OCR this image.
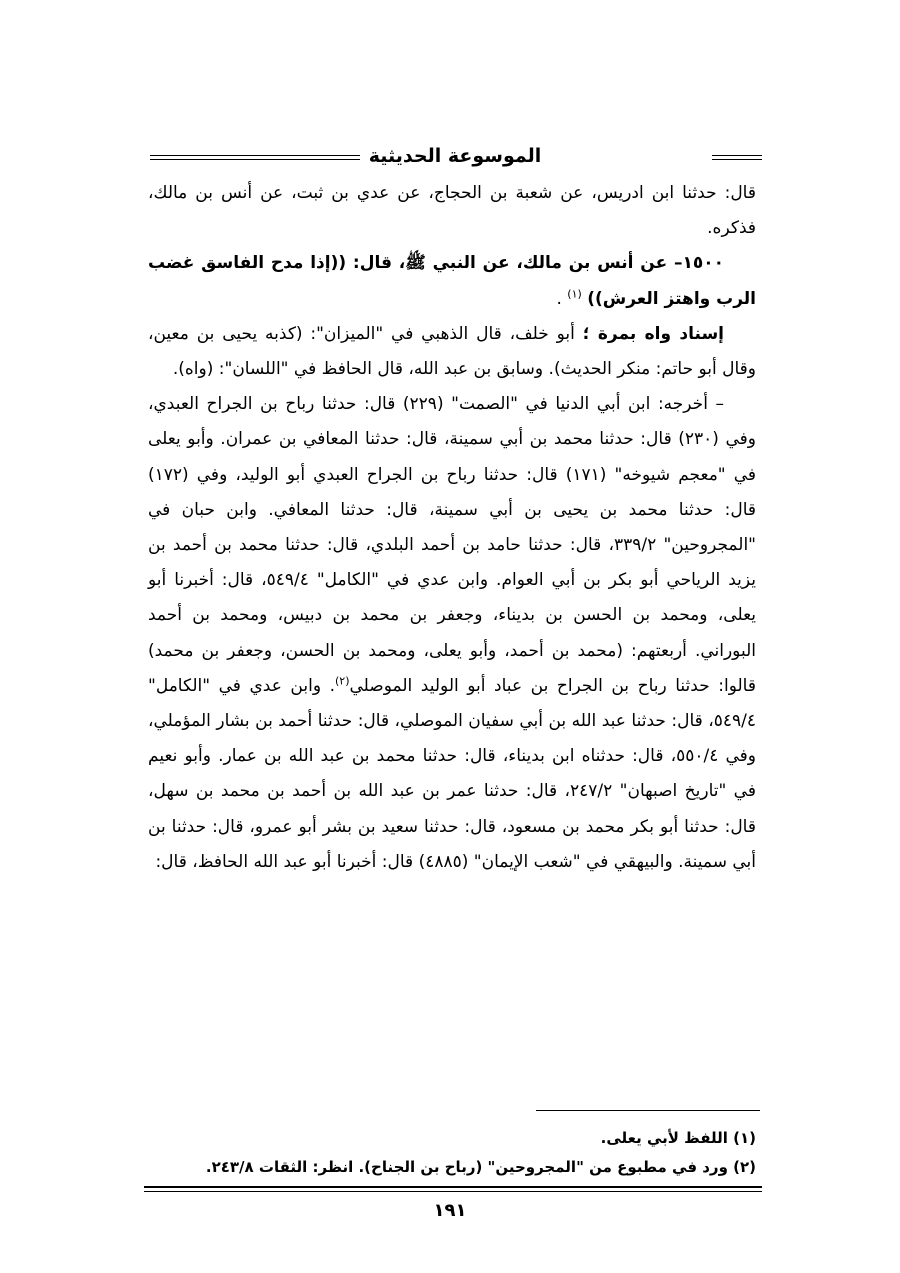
الموسوعة الحديثية

قال: حدثنا ابن ادريس، عن شعبة بن الحجاج، عن عدي بن ثبت، عن أنس بن مالك، فذكره.

١٥٠٠– عن أنس بن مالك، عن النبي ﷺ، قال: ((إذا مدح الفاسق غضب الرب واهتز العرش)) $^{(١)}$ .

إسناد واه بمرة ؛ أبو خلف، قال الذهبي في "الميزان": (كذبه يحيى بن معين، وقال أبو حاتم: منكر الحديث). وسابق بن عبد الله، قال الحافظ في "اللسان": (واه).

– أخرجه: ابن أبي الدنيا في "الصمت" (٢٢٩) قال: حدثنا رباح بن الجراح العبدي، وفي (٢٣٠) قال: حدثنا محمد بن أبي سمينة، قال: حدثنا المعافي بن عمران. وأبو يعلى في "معجم شيوخه" (١٧١) قال: حدثنا رباح بن الجراح العبدي أبو الوليد، وفي (١٧٢) قال: حدثنا محمد بن يحيى بن أبي سمينة، قال: حدثنا المعافي. وابن حبان في "المجروحين" ٣٣٩/٢، قال: حدثنا حامد بن أحمد البلدي، قال: حدثنا محمد بن أحمد بن يزيد الرياحي أبو بكر بن أبي العوام. وابن عدي في "الكامل" ٥٤٩/٤، قال: أخبرنا أبو يعلى، ومحمد بن الحسن بن بديناء، وجعفر بن محمد بن دبيس، ومحمد بن أحمد البوراني. أربعتهم: (محمد بن أحمد، وأبو يعلى، ومحمد بن الحسن، وجعفر بن محمد) قالوا: حدثنا رباح بن الجراح بن عباد أبو الوليد الموصلي$^{(٢)}$. وابن عدي في "الكامل" ٥٤٩/٤، قال: حدثنا عبد الله بن أبي سفيان الموصلي، قال: حدثنا أحمد بن بشار المؤملي، وفي ٥٥٠/٤، قال: حدثناه ابن بديناء، قال: حدثنا محمد بن عبد الله بن عمار. وأبو نعيم في "تاريخ اصبهان" ٢٤٧/٢، قال: حدثنا عمر بن عبد الله بن أحمد بن محمد بن سهل، قال: حدثنا أبو بكر محمد بن مسعود، قال: حدثنا سعيد بن بشر أبو عمرو، قال: حدثنا بن أبي سمينة. والبيهقي في "شعب الإيمان" (٤٨٨٥) قال: أخبرنا أبو عبد الله الحافظ، قال:

(١) اللفظ لأبي يعلى.

(٢) ورد في مطبوع من "المجروحين" (رباح بن الجناح). انظر: الثقات ٢٤٣/٨.

١٩١
